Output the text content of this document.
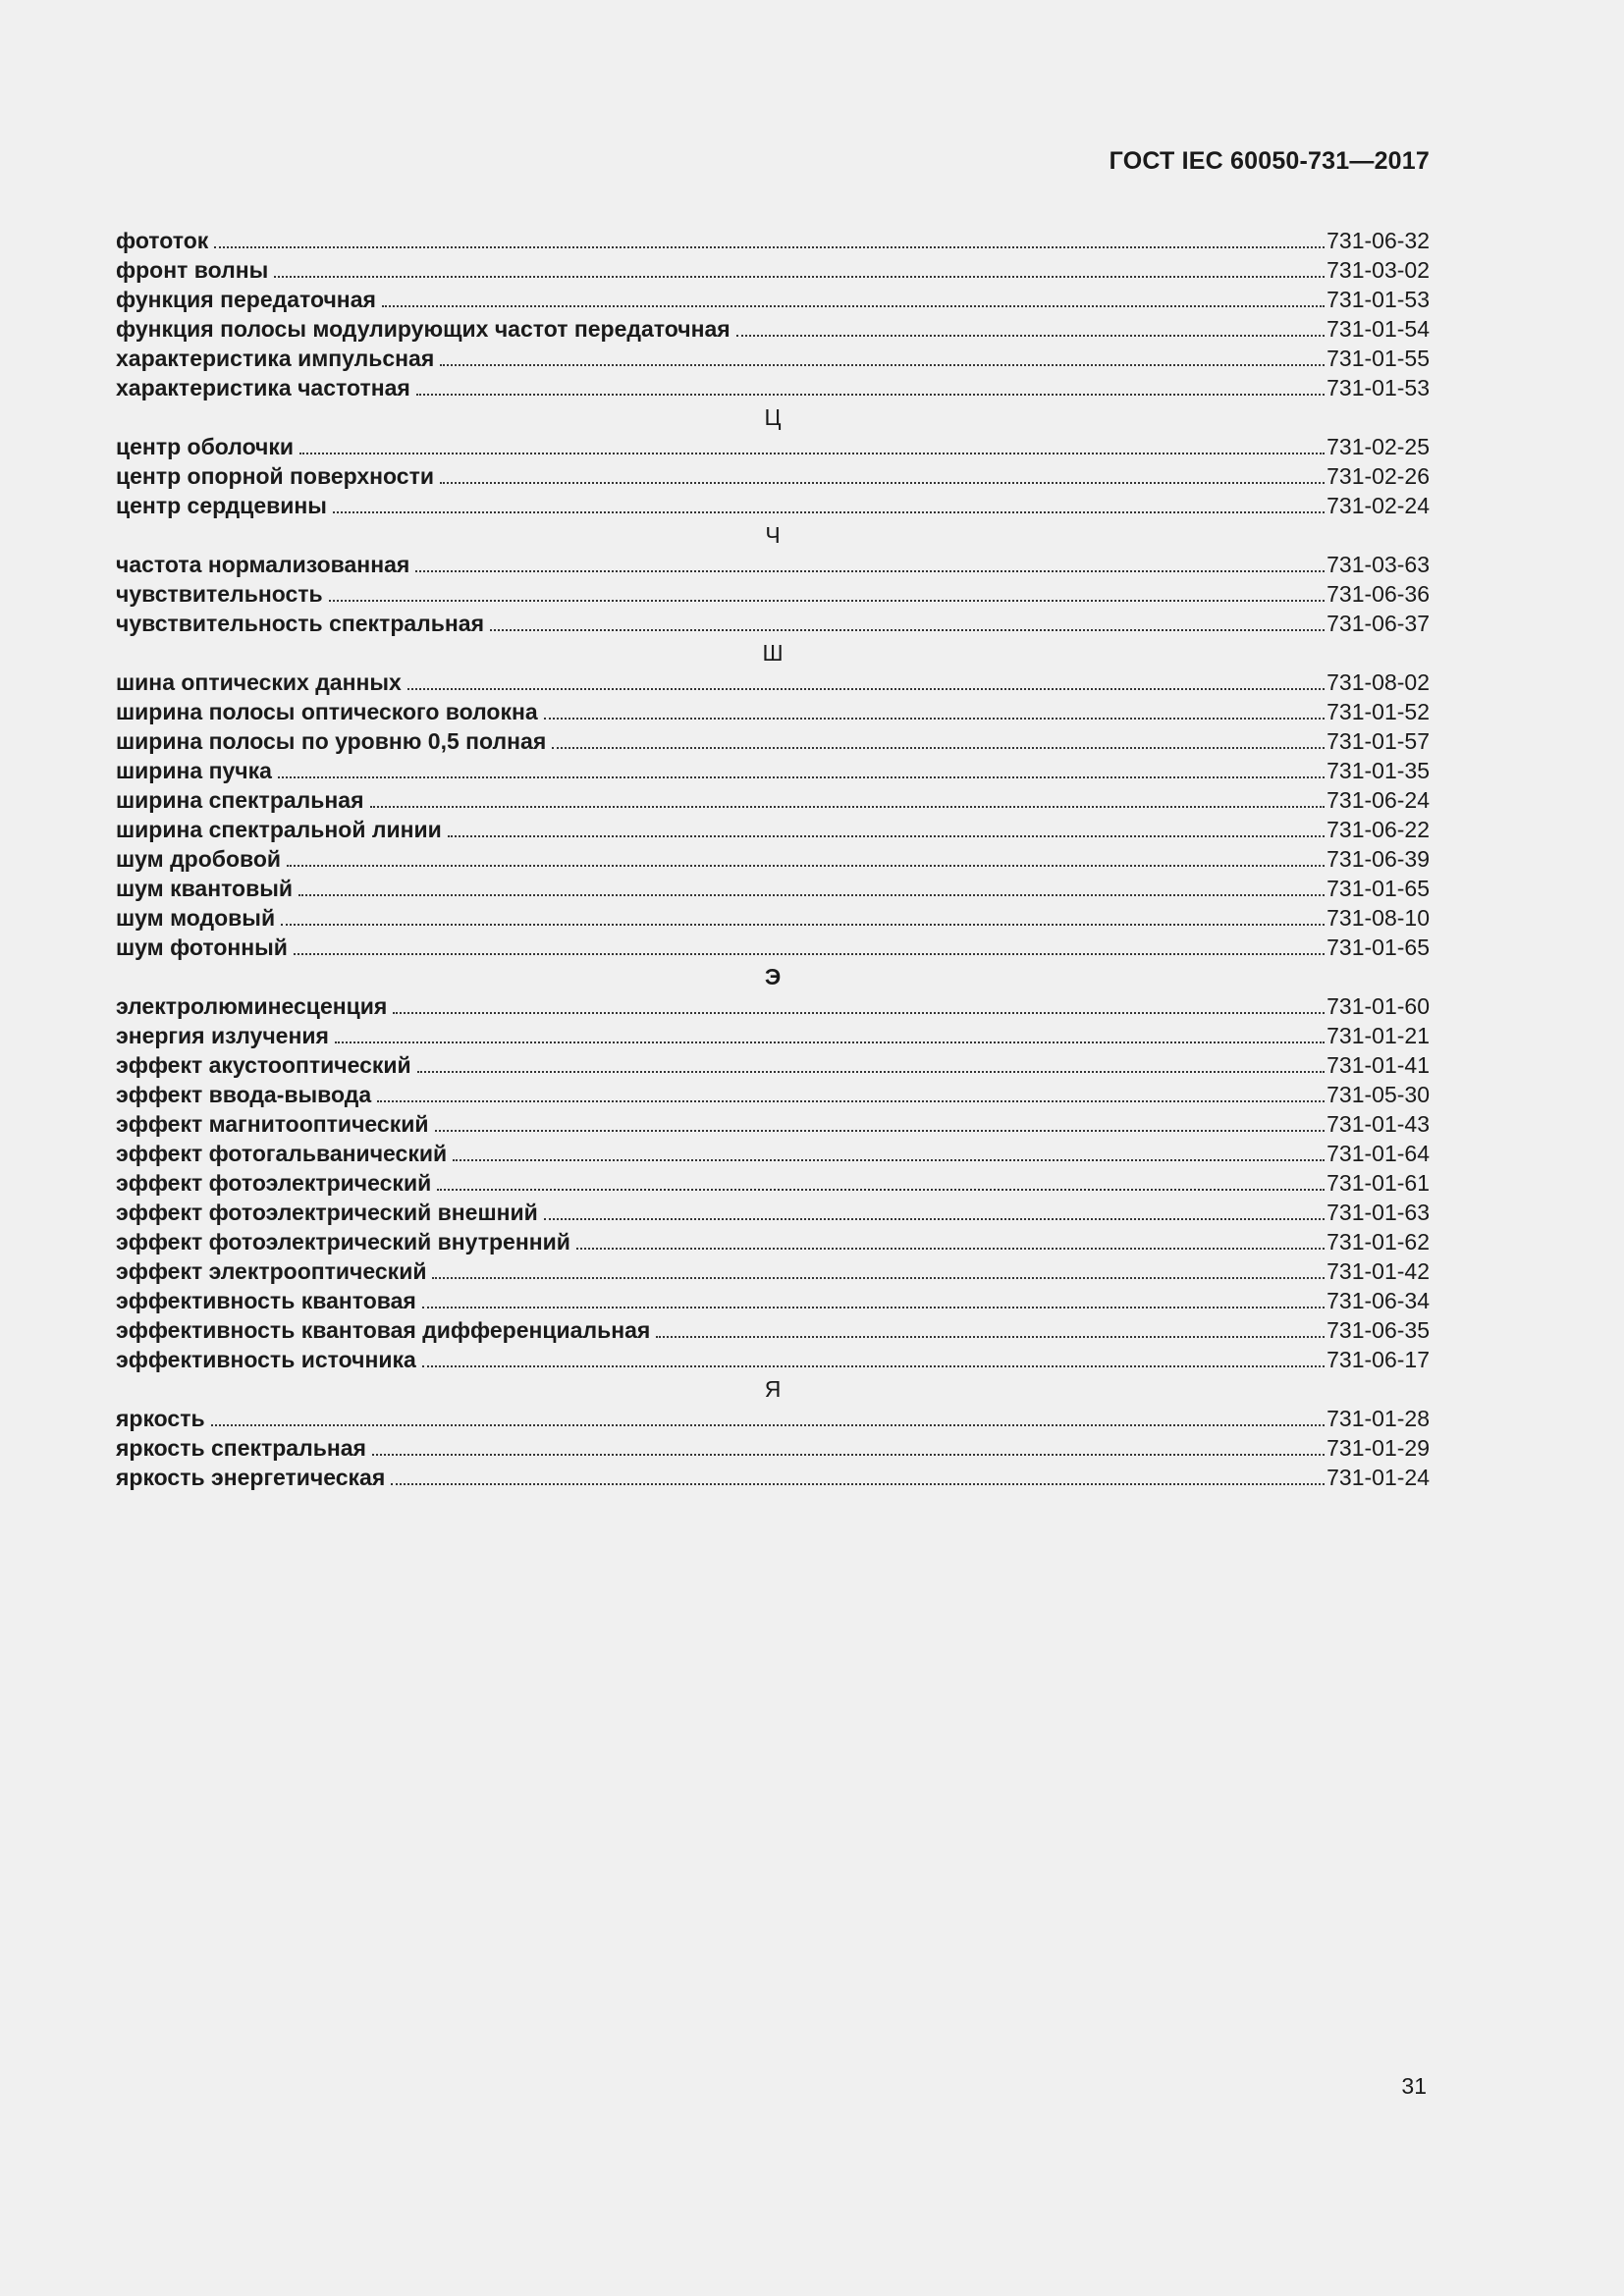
ГОСТ IEC 60050-731—2017
фототок	731-06-32
фронт волны	731-03-02
функция передаточная	731-01-53
функция полосы модулирующих частот передаточная	731-01-54
характеристика импульсная	731-01-55
характеристика частотная	731-01-53
Ц
центр оболочки	731-02-25
центр опорной поверхности	731-02-26
центр сердцевины	731-02-24
Ч
частота нормализованная	731-03-63
чувствительность	731-06-36
чувствительность спектральная	731-06-37
Ш
шина оптических данных	731-08-02
ширина полосы оптического волокна	731-01-52
ширина полосы по уровню 0,5 полная	731-01-57
ширина пучка	731-01-35
ширина спектральная	731-06-24
ширина спектральной линии	731-06-22
шум дробовой	731-06-39
шум квантовый	731-01-65
шум модовый	731-08-10
шум фотонный	731-01-65
Э
электролюминесценция	731-01-60
энергия излучения	731-01-21
эффект акустооптический	731-01-41
эффект ввода-вывода	731-05-30
эффект магнитооптический	731-01-43
эффект фотогальванический	731-01-64
эффект фотоэлектрический	731-01-61
эффект фотоэлектрический внешний	731-01-63
эффект фотоэлектрический внутренний	731-01-62
эффект электрооптический	731-01-42
эффективность квантовая	731-06-34
эффективность квантовая дифференциальная	731-06-35
эффективность источника	731-06-17
Я
яркость	731-01-28
яркость спектральная	731-01-29
яркость энергетическая	731-01-24
31
